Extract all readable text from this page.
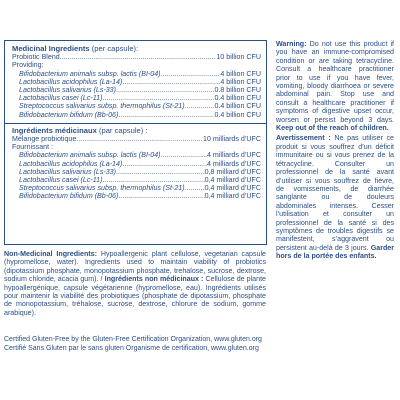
Medicinal Ingredients (per capsule):
Probiotic Blend .....	10 billion CFU
Providing:
Bifidobacterium animalis subsp. lactis (BI-04) .....	4 billion CFU
Lactobacillus acidophilus (La-14) .....	4 billion CFU
Lactobacillus salivarius (Ls-33) .....	0.8 billion CFU
Lactobacillus casei (Lc-11) .....	0.4 billion CFU
Streptococcus salivarius subsp. thermophilus (St-21) .....	0.4 billion CFU
Bifidobacterium bifidum (Bb-06) .....	0.4 billion CFU
Ingrédients médicinaux (par capsule) :
Mélange probiotique .....	10 milliards d’UFC
Fournissant :
Bifidobacterium animalis subsp. lactis (BI-04) .....	4 milliards d’UFC
Lactobacillus acidophilus (La-14) .....	4 milliards d’UFC
Lactobacillus salivarius (Ls-33) .....	0,8 milliard d’UFC
Lactobacillus casei (Lc-11) .....	0,4 milliard d’UFC
Streptococcus salivarius subsp. thermophilus (St-21) .....	0,4 milliard d’UFC
Bifidobacterium bifidum (Bb-06) .....	0,4 milliard d’UFC
Non-Medicinal Ingredients: Hypoallergenic plant cellulose, vegetarian capsule (hypromellose, water). Ingredients used to maintain viability of probiotics (dipotassium phosphate, monopotassium phosphate, trehalose, sucrose, dextrose, sodium chloride, acacia gum). / Ingrédients non médicinaux : Cellulose de plante hypoallergénique, capsule végétarienne (hypromellose, eau). Ingrédients utilisés pour maintenir la viabilité des probiotiques (phosphate de dipotassium, phosphate de monopotassium, tréhalose, sucrose, dextrose, chlorure de sodium, gomme arabique).
Certified Gluten-Free by the Gluten-Free Certification Organization, www.gluten.org
Certifié Sans Gluten par le sans gluten Organisme de certification, www.gluten.org

Warning: Do not use this product if you have an immune-compromised condition or are taking tetracycline. Consult a healthcare practitioner prior to use if you have fever, vomiting, bloody diarrhoea or severe abdominal pain. Stop use and consult a healthcare practitioner if symptoms of digestive upset occur, worsen or persist beyond 3 days. Keep out of the reach of children.

Avertissement : Ne pas utiliser ce produit si vous souffrez d’un déficit immunitaire ou si vous prenez de la tétracycline. Consulter un professionnel de la santé avant d’utiliser si vous souffrez de fièvre, de vomissements, de diarrhée sanglante ou de douleurs abdominales intenses. Cesser l’utilisation et consulter un professionnel de la santé si des symptômes de troubles digestifs se manifestent, s’aggravent ou persistent au-delà de 3 jours. Garder hors de la portée des enfants.
